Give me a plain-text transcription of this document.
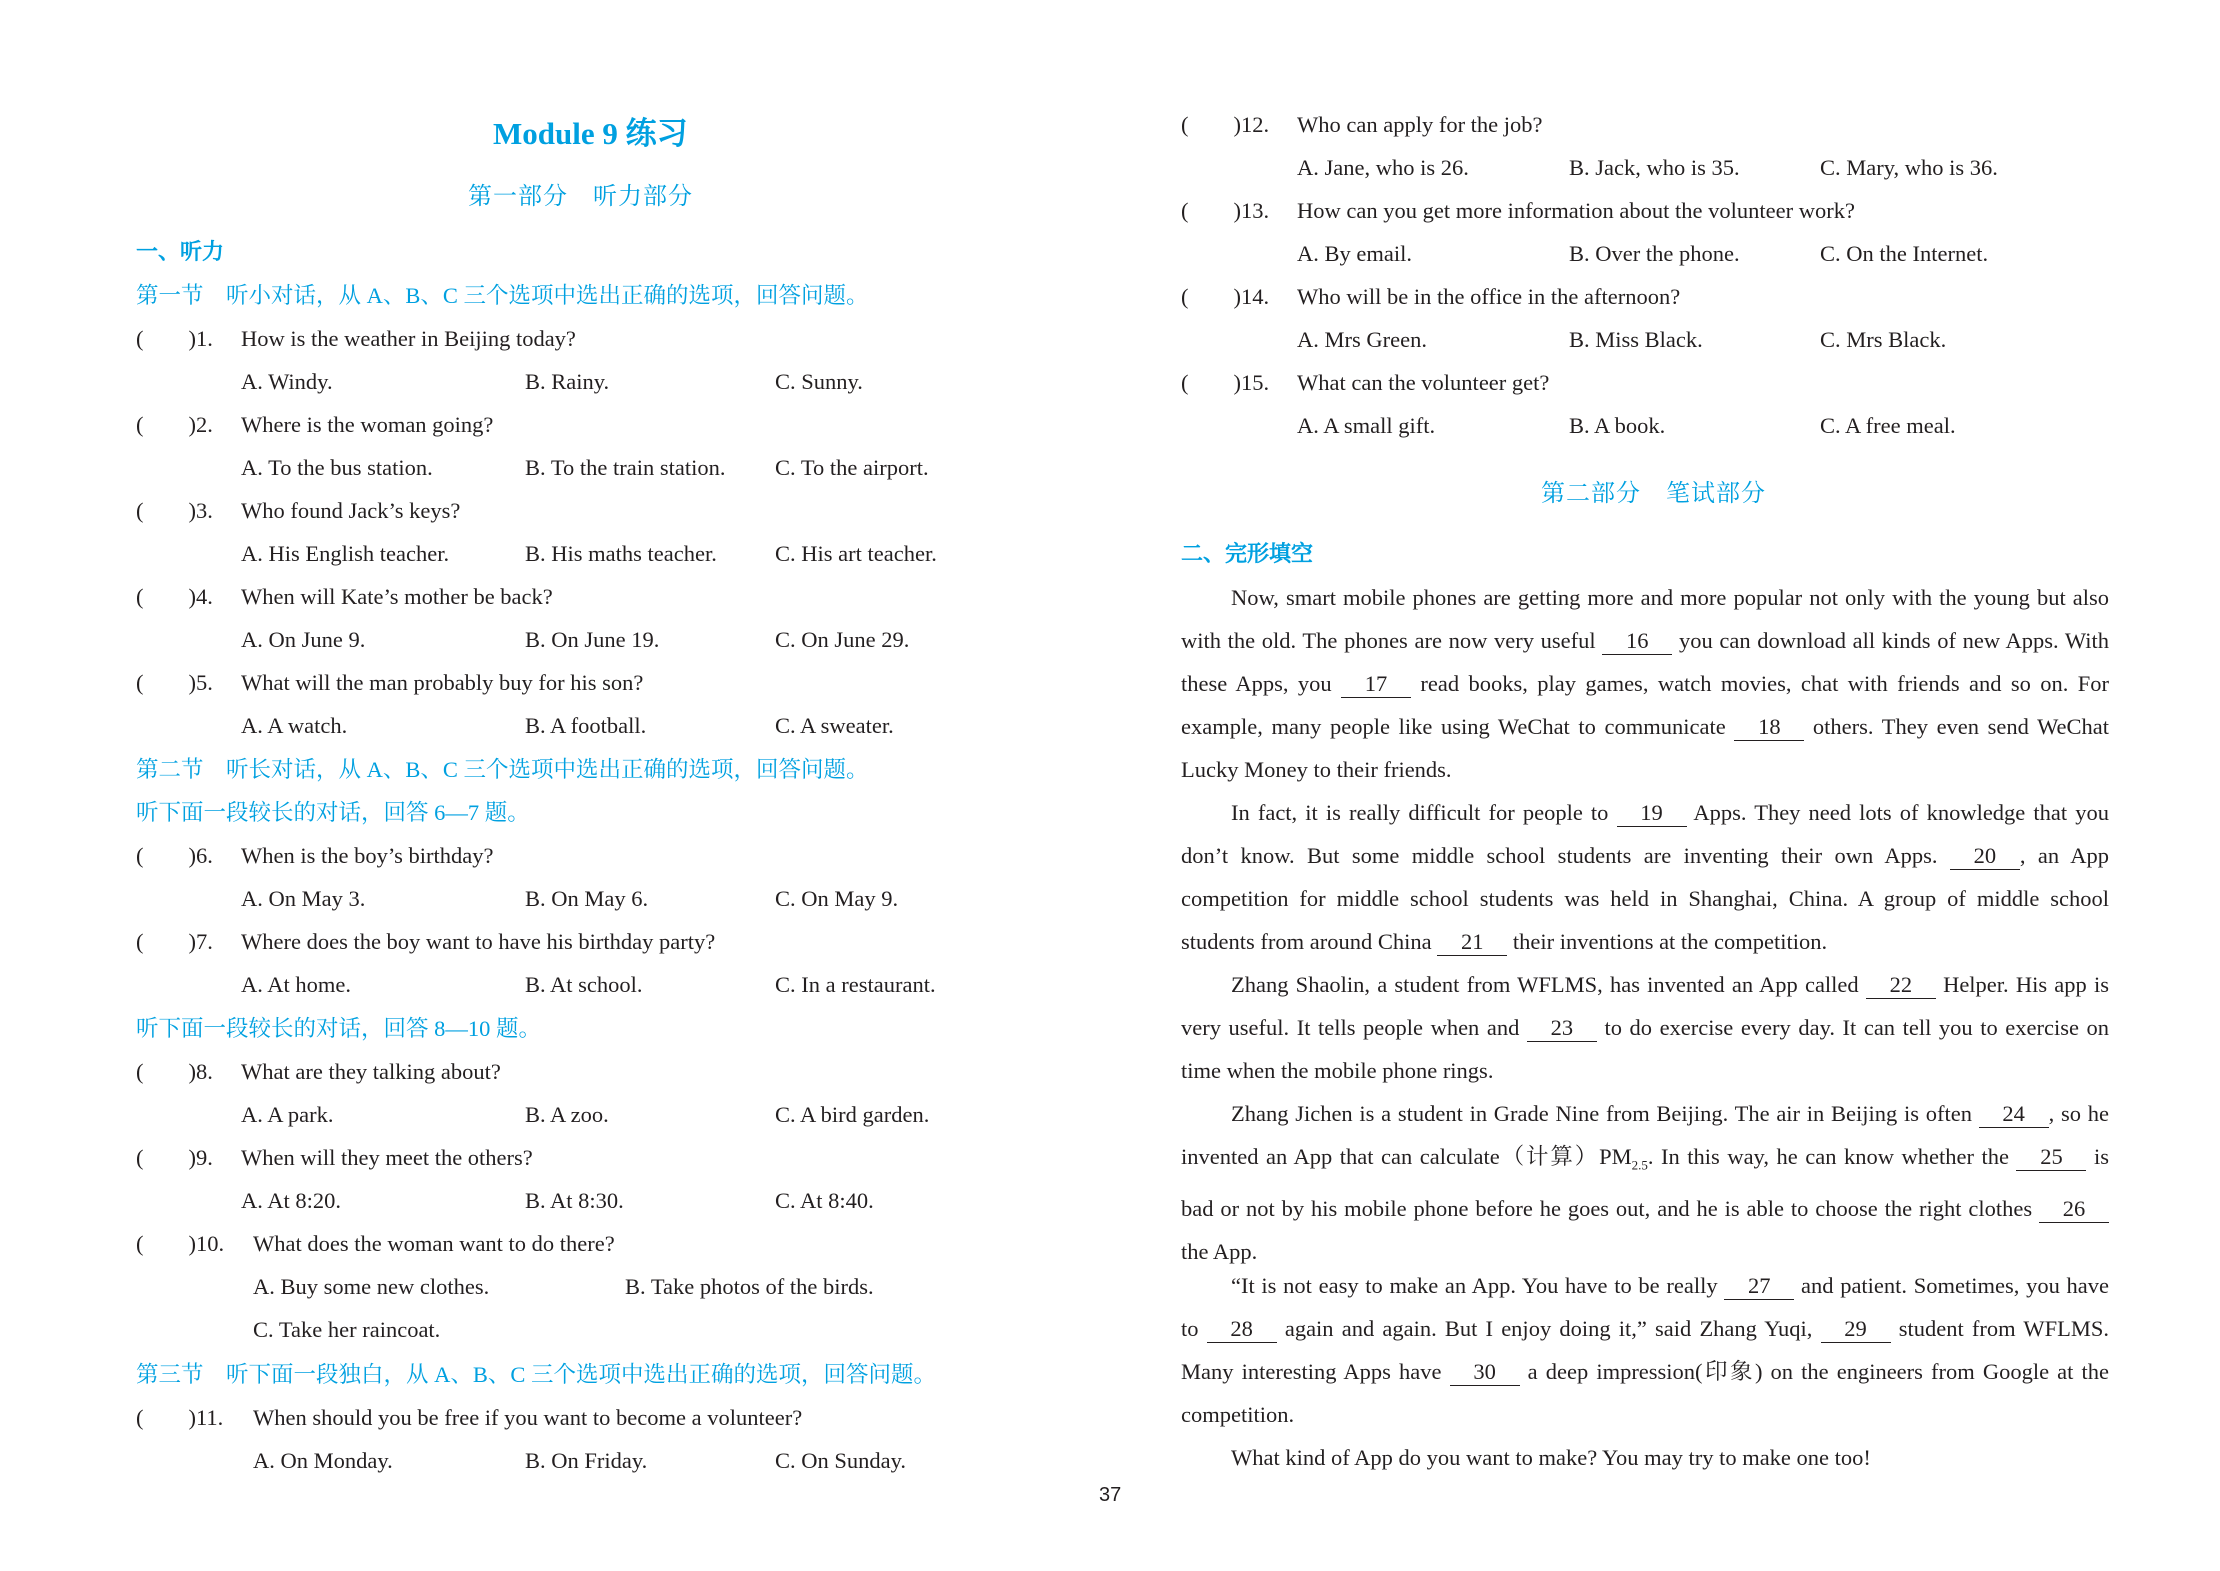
Module 9 练习
第一部分　听力部分
一、听力
第一节　听小对话，从 A、B、C 三个选项中选出正确的选项，回答问题。
第二节　听长对话，从 A、B、C 三个选项中选出正确的选项，回答问题。
听下面一段较长的对话，回答 6—7 题。
听下面一段较长的对话，回答 8—10 题。
第三节　听下面一段独白，从 A、B、C 三个选项中选出正确的选项，回答问题。
(　　)1. How is the weather in Beijing today?
A. Windy.	B. Rainy.	C. Sunny.
(　　)2. Where is the woman going?
A. To the bus station.	B. To the train station. C. To the airport.
(　　)3. Who found Jack’s keys?
A. His English teacher.	B. His maths teacher.	C. His art teacher.
(　　)4. When will Kate’s mother be back?
A. On June 9.	B. On June 19.	C. On June 29.
(　　)5. What will the man probably buy for his son?
A. A watch.	B. A football.	C. A sweater.
(　　)6. When is the boy’s birthday?
A. On May 3.	B. On May 6.	C. On May 9.
(　　)7. Where does the boy want to have his birthday party?
A. At home.	B. At school.	C. In a restaurant.
(　　)8. What are they talking about?
A. A park.	B. A zoo.	C. A bird garden.
(　　)9. When will they meet the others?
A. At 8:20.	B. At 8:30.	C. At 8:40.
(　　)10. What does the woman want to do there?
A. Buy some new clothes.	B. Take photos of the birds.
C. Take her raincoat.
(　　)11. When should you be free if you want to become a volunteer?
A. On Monday.	B. On Friday.	C. On Sunday.
(　　)12. Who can apply for the job?
A. Jane, who is 26.	B. Jack, who is 35.	C. Mary, who is 36.
(　　)13. How can you get more information about the volunteer work?
A. By email.	B. Over the phone.	C. On the Internet.
(　　)14. Who will be in the office in the afternoon?
A. Mrs Green.	B. Miss Black.	C. Mrs Black.
(　　)15. What can the volunteer get?
A. A small gift.	B. A book.	C. A free meal.
第二部分　笔试部分
二、完形填空
Now, smart mobile phones are getting more and more popular not only with the young but also with the old. The phones are now very useful 16 you can download all kinds of new Apps. With these Apps, you 17 read books, play games, watch movies, chat with friends and so on. For example, many people like using WeChat to communicate 18 others. They even send WeChat Lucky Money to their friends.
In fact, it is really difficult for people to 19 Apps. They need lots of knowledge that you don’t know. But some middle school students are inventing their own Apps. 20 , an App competition for middle school students was held in Shanghai, China. A group of middle school students from around China 21 their inventions at the competition.
Zhang Shaolin, a student from WFLMS, has invented an App called 22 Helper. His app is very useful. It tells people when and 23 to do exercise every day. It can tell you to exercise on time when the mobile phone rings.
Zhang Jichen is a student in Grade Nine from Beijing. The air in Beijing is often 24 , so he invented an App that can calculate（计算）$PM_{2.5}$. In this way, he can know whether the 25 is bad or not by his mobile phone before he goes out, and he is able to choose the right clothes 26 the App.
“It is not easy to make an App. You have to be really 27 and patient. Sometimes, you have to 28 again and again. But I enjoy doing it,” said Zhang Yuqi, 29 student from WFLMS. Many interesting Apps have 30 a deep impression(印象) on the engineers from Google at the competition.
What kind of App do you want to make? You may try to make one too!
37
